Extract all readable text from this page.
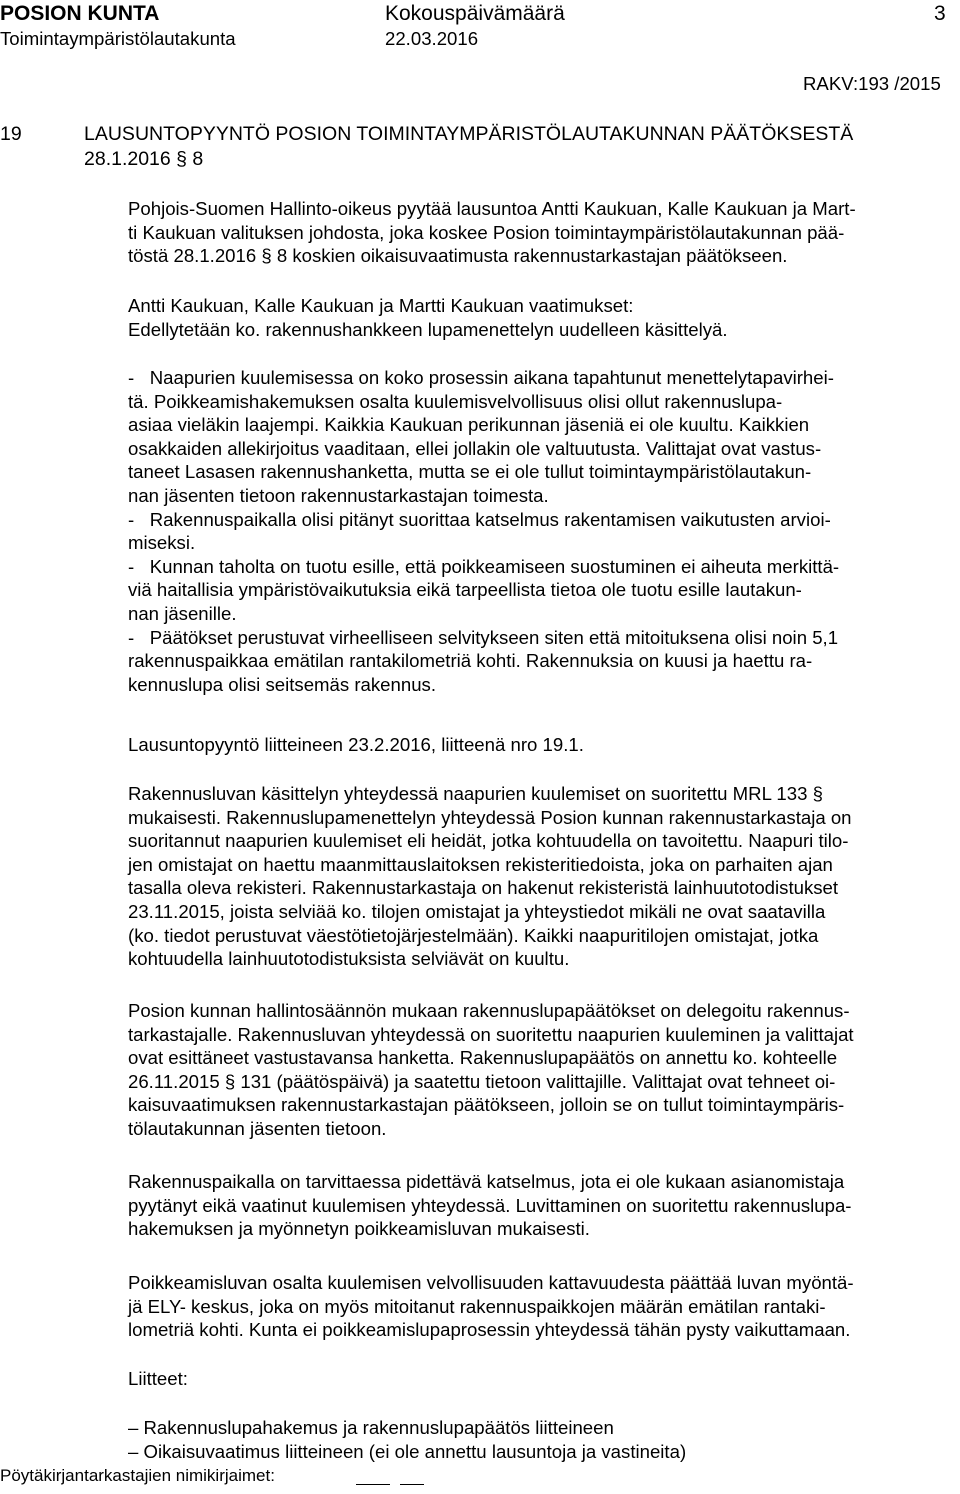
POSION KUNTA	Kokouspäivämäärä	3
Toimintaympäristölautakunta	22.03.2016
RAKV:193 /2015
19	LAUSUNTOPYYNTÖ POSION TOIMINTAYMPÄRISTÖLAUTAKUNNAN PÄÄTÖKSESTÄ
28.1.2016 § 8
Pohjois-Suomen Hallinto-oikeus pyytää lausuntoa Antti Kaukuan, Kalle Kaukuan ja Mart-
ti Kaukuan valituksen johdosta, joka koskee Posion toimintaympäristölautakunnan pää-
töstä 28.1.2016 § 8 koskien oikaisuvaatimusta rakennustarkastajan päätökseen.
Antti Kaukuan, Kalle Kaukuan ja Martti Kaukuan vaatimukset:
Edellytetään ko. rakennushankkeen lupamenettelyn uudelleen käsittelyä.
- Naapurien kuulemisessa on koko prosessin aikana tapahtunut menettelytapavirhei-
tä. Poikkeamishakemuksen osalta kuulemisvelvollisuus olisi ollut rakennuslupa-
asiaa vieläkin laajempi. Kaikkia Kaukuan perikunnan jäseniä ei ole kuultu. Kaikkien
osakkaiden allekirjoitus vaaditaan, ellei jollakin ole valtuutusta. Valittajat ovat vastus-
taneet Lasasen rakennushanketta, mutta se ei ole tullut toimintaympäristölautakun-
nan jäsenten tietoon rakennustarkastajan toimesta.
- Rakennuspaikalla olisi pitänyt suorittaa katselmus rakentamisen vaikutusten arvioi-
miseksi.
- Kunnan taholta on tuotu esille, että poikkeamiseen suostuminen ei aiheuta merkittä-
viä haitallisia ympäristövaikutuksia eikä tarpeellista tietoa ole tuotu esille lautakun-
nan jäsenille.
- Päätökset perustuvat virheelliseen selvitykseen siten että mitoituksena olisi noin 5,1
rakennuspaikkaa emätilan rantakilometriä kohti. Rakennuksia on kuusi ja haettu ra-
kennuslupa olisi seitsemäs rakennus.
Lausuntopyyntö liitteineen 23.2.2016, liitteenä nro 19.1.
Rakennusluvan käsittelyn yhteydessä naapurien kuulemiset on suoritettu MRL 133 §
mukaisesti. Rakennuslupamenettelyn yhteydessä Posion kunnan rakennustarkastaja on
suoritannut naapurien kuulemiset eli heidät, jotka kohtuudella on tavoitettu. Naapuri tilo-
jen omistajat on haettu maanmittauslaitoksen rekisteritiedoista, joka on parhaiten ajan
tasalla oleva rekisteri. Rakennustarkastaja on hakenut rekisteristä lainhuutotodistukset
23.11.2015, joista selviää ko. tilojen omistajat ja yhteystiedot mikäli ne ovat saatavilla
(ko. tiedot perustuvat väestötietojärjestelmään). Kaikki naapuritilojen omistajat, jotka
kohtuudella lainhuutotodistuksista selviävät on kuultu.
Posion kunnan hallintosäännön mukaan rakennuslupapäätökset on delegoitu rakennus-
tarkastajalle. Rakennusluvan yhteydessä on suoritettu naapurien kuuleminen ja valittajat
ovat esittäneet vastustavansa hanketta. Rakennuslupapäätös on annettu ko. kohteelle
26.11.2015 § 131 (päätöspäivä) ja saatettu tietoon valittajille. Valittajat ovat tehneet oi-
kaisuvaatimuksen rakennustarkastajan päätökseen, jolloin se on tullut toimintaympäris-
tölautakunnan jäsenten tietoon.
Rakennuspaikalla on tarvittaessa pidettävä katselmus, jota ei ole kukaan asianomistaja
pyytänyt eikä vaatinut kuulemisen yhteydessä. Luvittaminen on suoritettu rakennuslupa-
hakemuksen ja myönnetyn poikkeamisluvan mukaisesti.
Poikkeamisluvan osalta kuulemisen velvollisuuden kattavuudesta päättää luvan myöntä-
jä ELY- keskus, joka on myös mitoitanut rakennuspaikkojen määrän emätilan rantaki-
lometriä kohti. Kunta ei poikkeamislupaprosessin yhteydessä tähän pysty vaikuttamaan.
Liitteet:
– Rakennuslupahakemus ja rakennuslupapäätös liitteineen
– Oikaisuvaatimus liitteineen (ei ole annettu lausuntoja ja vastineita)
Pöytäkirjantarkastajien nimikirjaimet:
